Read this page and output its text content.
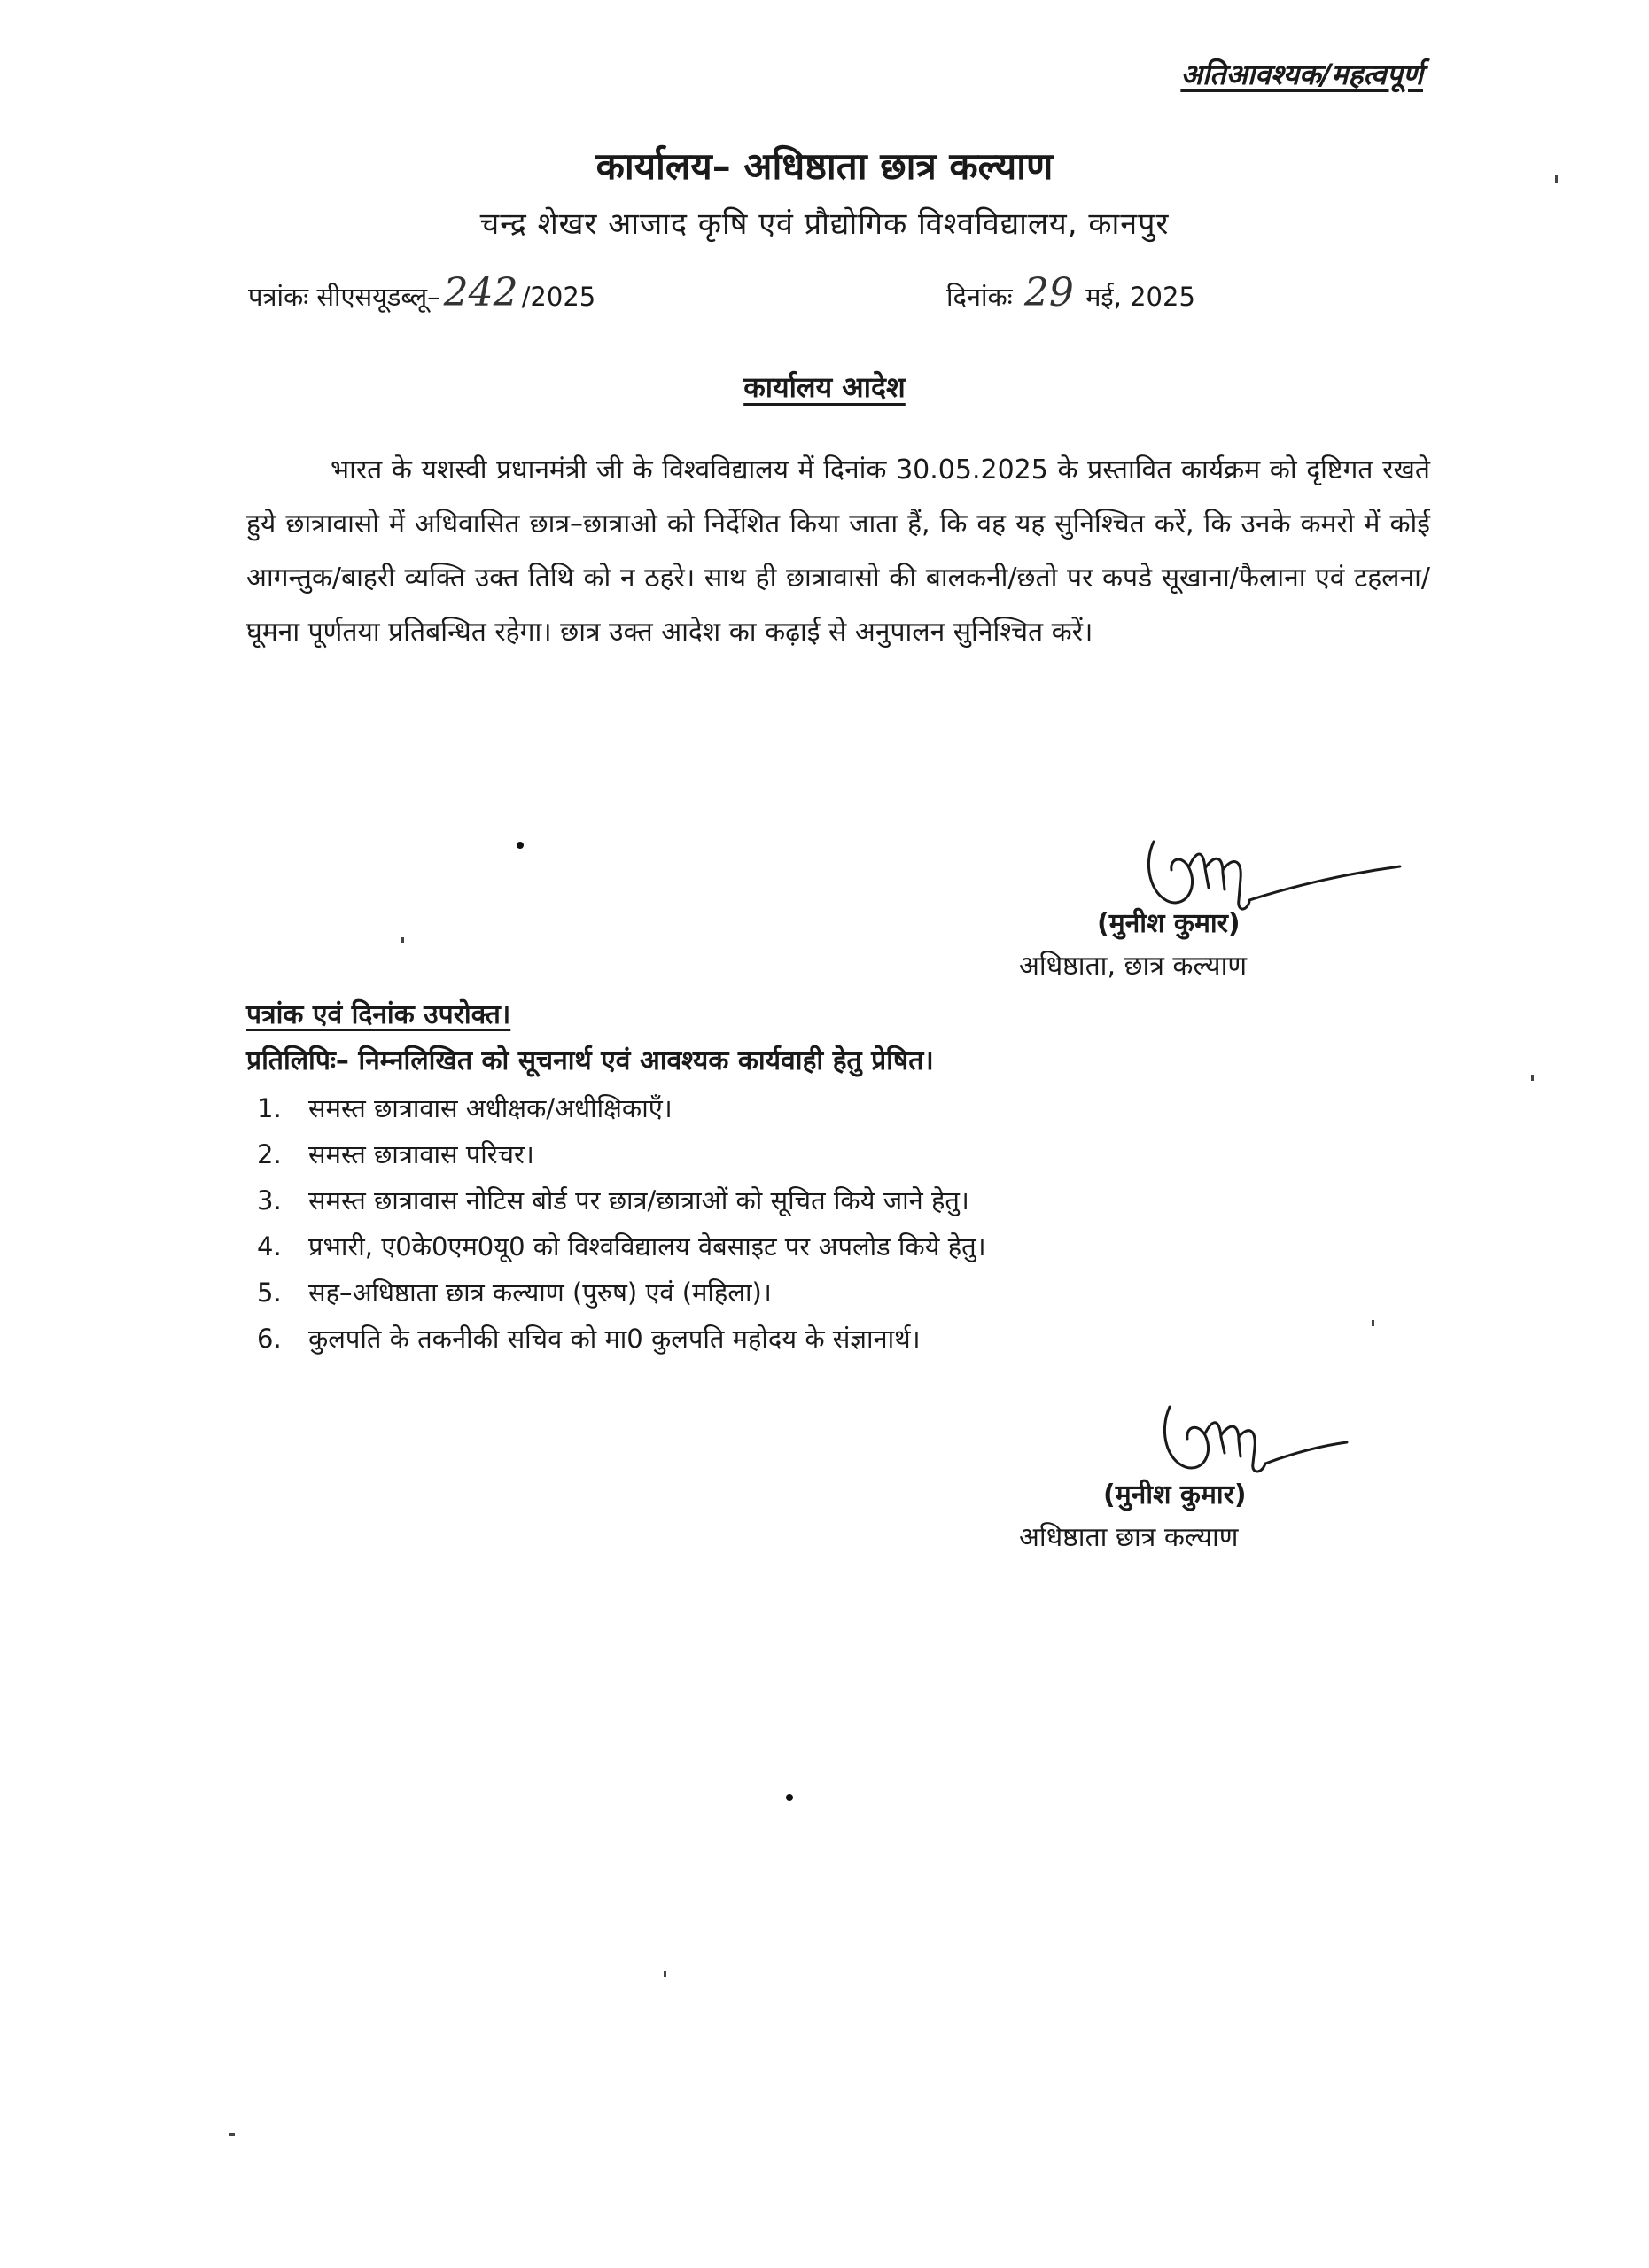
अतिआवश्यक/महत्वपूर्ण
कार्यालय– अधिष्ठाता छात्र कल्याण
चन्द्र शेखर आजाद कृषि एवं प्रौद्योगिक विश्वविद्यालय, कानपुर
पत्रांकः सीएसयूडब्लू–242 /2025	दिनांकः 29 मई, 2025
कार्यालय आदेश
भारत के यशस्वी प्रधानमंत्री जी के विश्वविद्यालय में दिनांक 30.05.2025 के प्रस्तावित कार्यक्रम को दृष्टिगत रखते हुये छात्रावासो में अधिवासित छात्र–छात्राओ को निर्देशित किया जाता हैं, कि वह यह सुनिश्चित करें, कि उनके कमरो में कोई आगन्तुक/बाहरी व्यक्ति उक्त तिथि को न ठहरे। साथ ही छात्रावासो की बालकनी/छतो पर कपडे सूखाना/फैलाना एवं टहलना/घूमना पूर्णतया प्रतिबन्धित रहेगा। छात्र उक्त आदेश का कढ़ाई से अनुपालन सुनिश्चित करें।
(मुनीश कुमार)
अधिष्ठाता, छात्र कल्याण
पत्रांक एवं दिनांक उपरोक्त।
प्रतिलिपिः– निम्नलिखित को सूचनार्थ एवं आवश्यक कार्यवाही हेतु प्रेषित।
1. समस्त छात्रावास अधीक्षक/अधीक्षिकाएँ।
2. समस्त छात्रावास परिचर।
3. समस्त छात्रावास नोटिस बोर्ड पर छात्र/छात्राओं को सूचित किये जाने हेतु।
4. प्रभारी, ए0के0एम0यू0 को विश्वविद्यालय वेबसाइट पर अपलोड किये हेतु।
5. सह–अधिष्ठाता छात्र कल्याण (पुरुष) एवं (महिला)।
6. कुलपति के तकनीकी सचिव को मा0 कुलपति महोदय के संज्ञानार्थ।
(मुनीश कुमार)
अधिष्ठाता छात्र कल्याण
